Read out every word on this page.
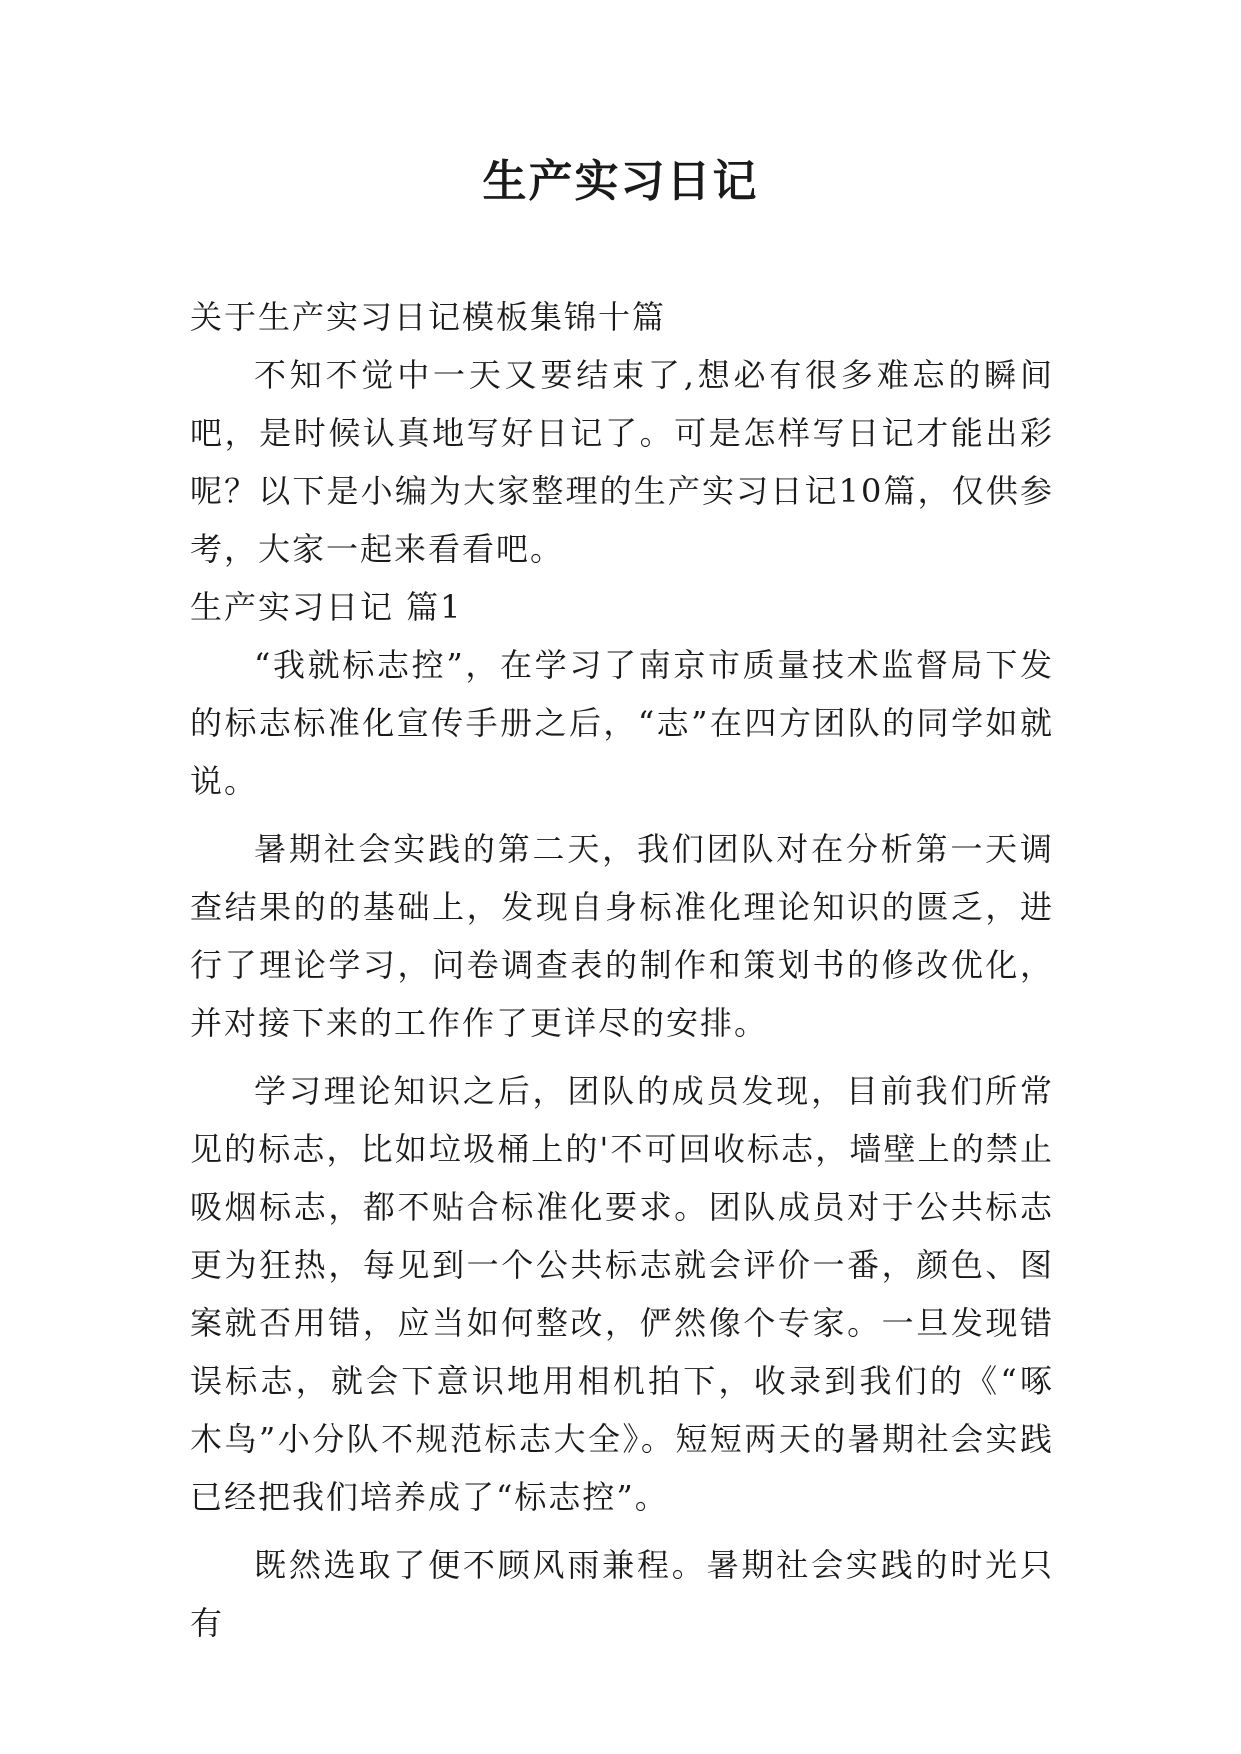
生产实习日记

关于生产实习日记模板集锦十篇

不知不觉中一天又要结束了,想必有很多难忘的瞬间吧，是时候认真地写好日记了。可是怎样写日记才能出彩呢？以下是小编为大家整理的生产实习日记10篇，仅供参考，大家一起来看看吧。

生产实习日记 篇1

“我就标志控”，在学习了南京市质量技术监督局下发的标志标准化宣传手册之后，“志”在四方团队的同学如就说。

暑期社会实践的第二天，我们团队对在分析第一天调查结果的的基础上，发现自身标准化理论知识的匮乏，进行了理论学习，问卷调查表的制作和策划书的修改优化，并对接下来的工作作了更详尽的安排。

学习理论知识之后，团队的成员发现，目前我们所常见的标志，比如垃圾桶上的'不可回收标志，墙壁上的禁止吸烟标志，都不贴合标准化要求。团队成员对于公共标志更为狂热，每见到一个公共标志就会评价一番，颜色、图案就否用错，应当如何整改，俨然像个专家。一旦发现错误标志，就会下意识地用相机拍下，收录到我们的《“啄木鸟”小分队不规范标志大全》。短短两天的暑期社会实践已经把我们培养成了“标志控”。

既然选取了便不顾风雨兼程。暑期社会实践的时光只有
